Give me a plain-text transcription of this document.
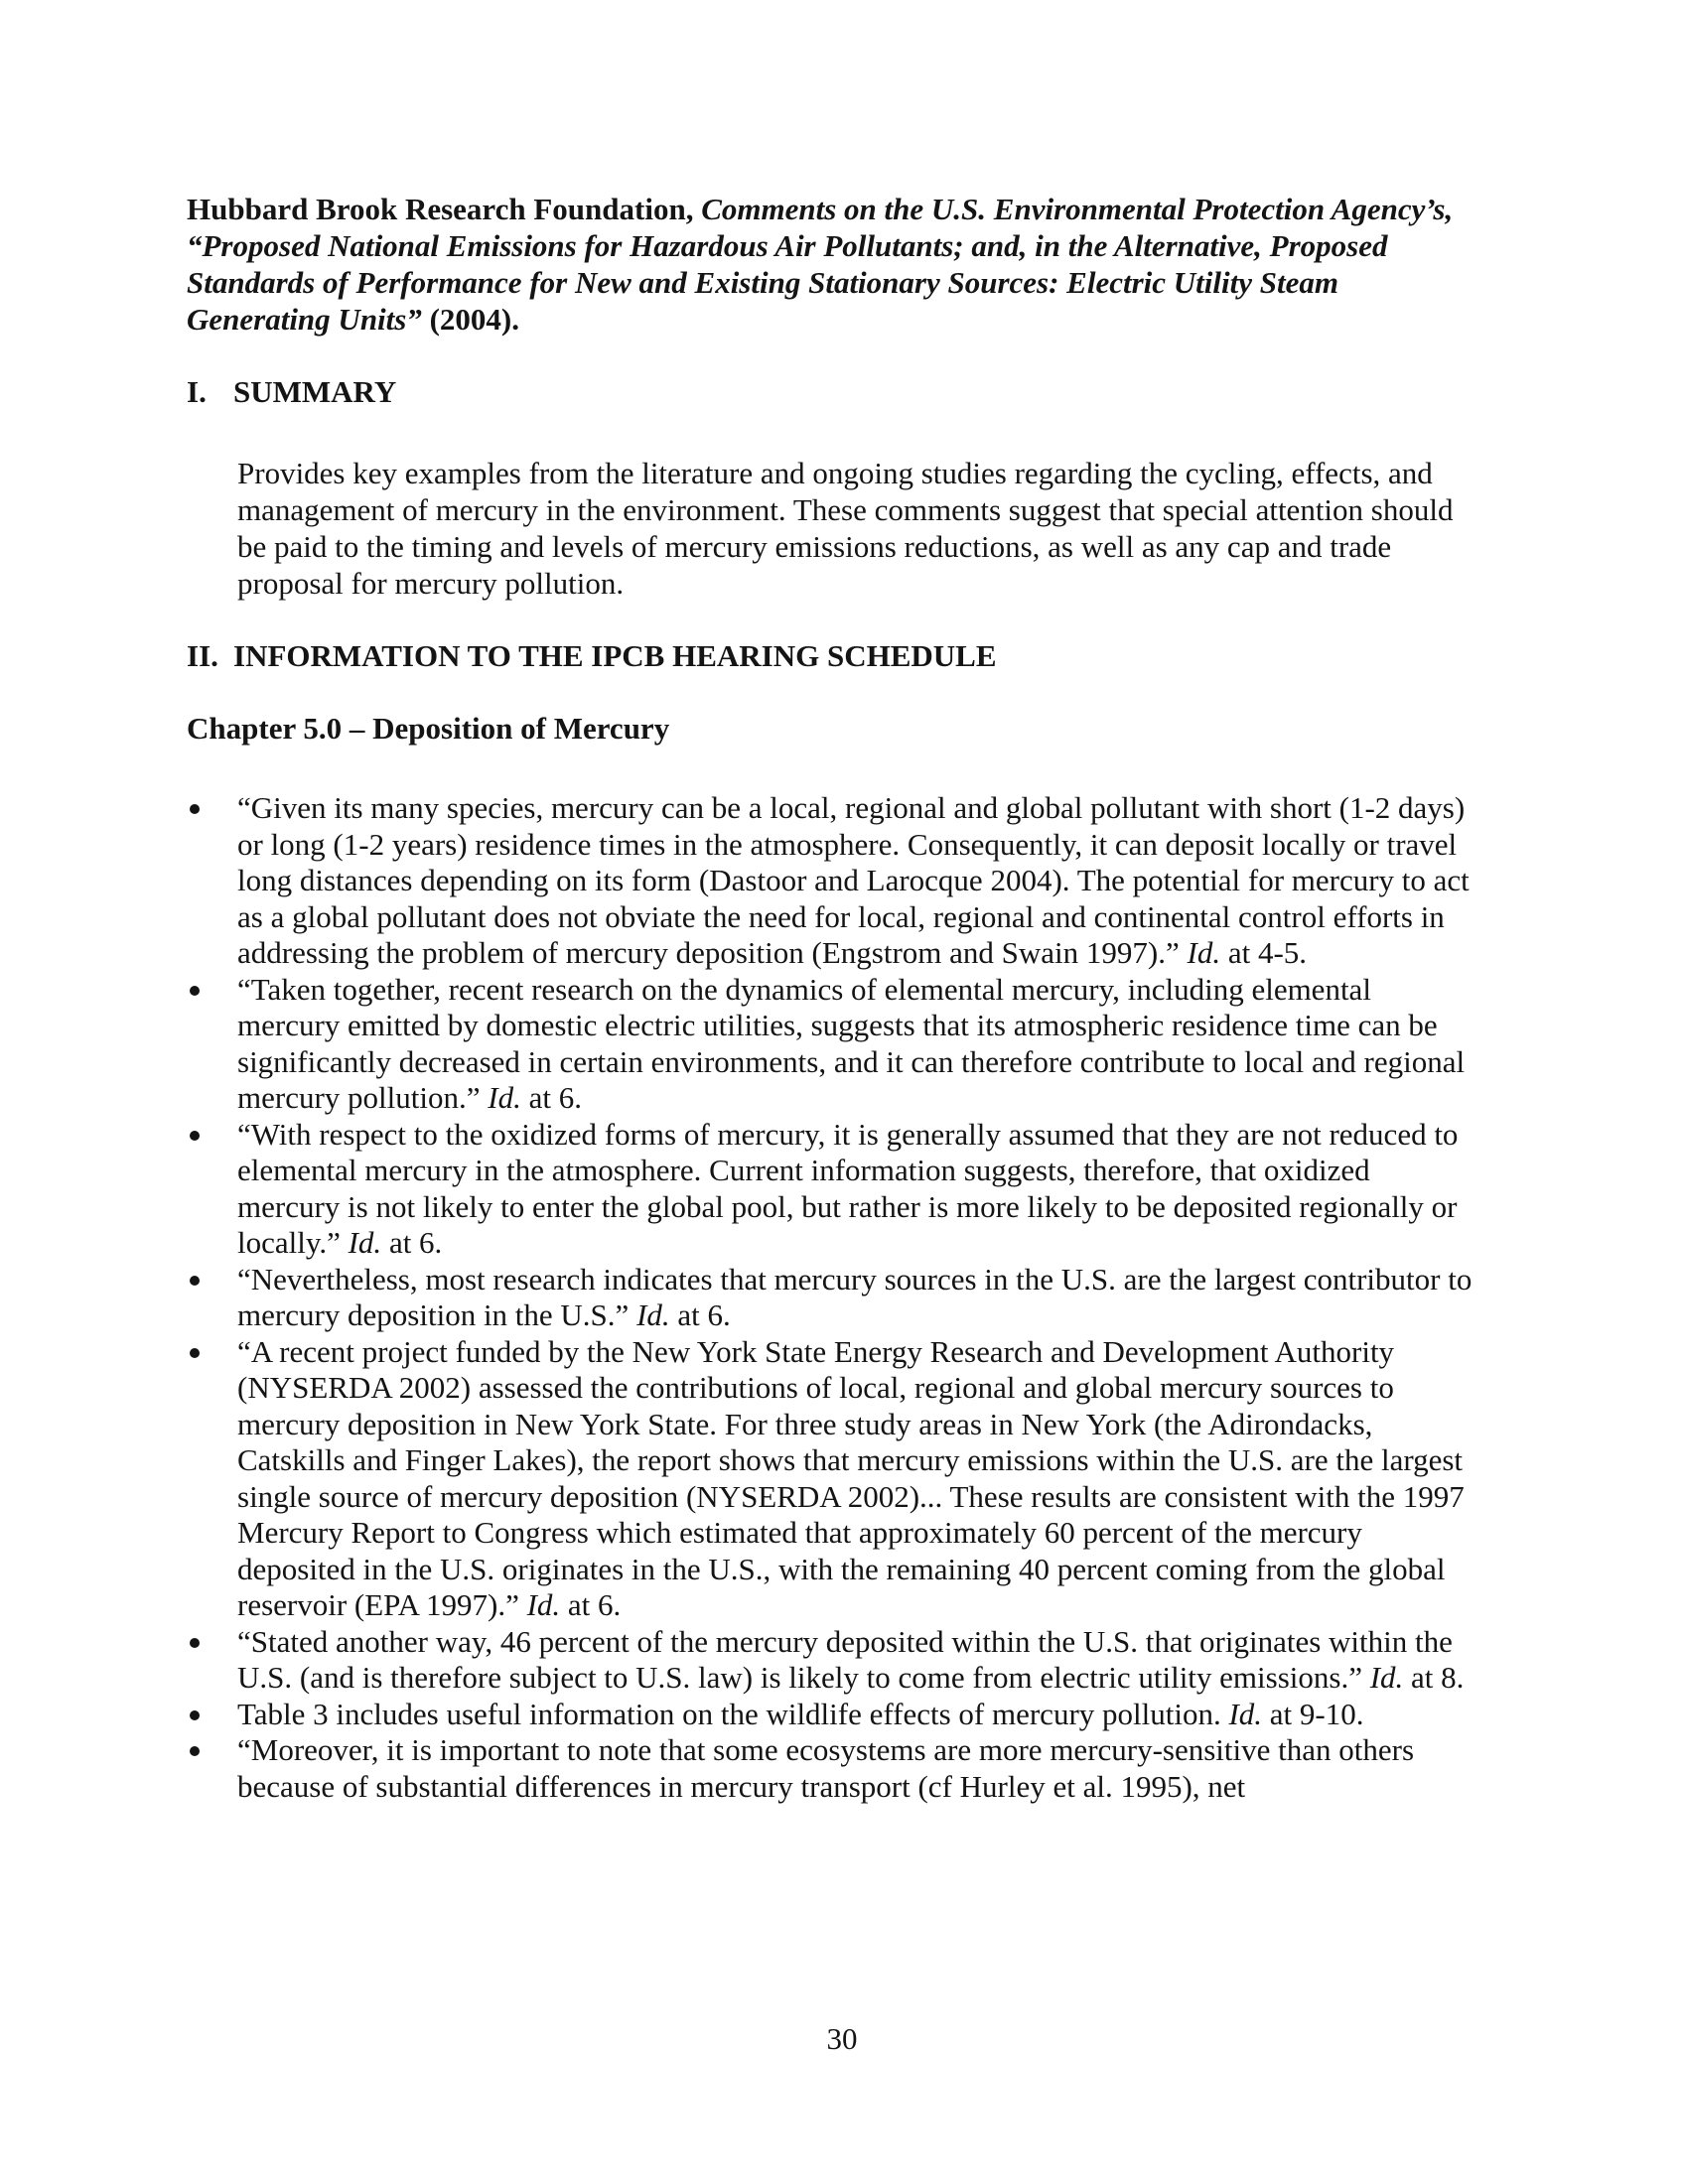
Hubbard Brook Research Foundation, Comments on the U.S. Environmental Protection Agency’s, “Proposed National Emissions for Hazardous Air Pollutants; and, in the Alternative, Proposed Standards of Performance for New and Existing Stationary Sources: Electric Utility Steam Generating Units” (2004).
I. SUMMARY
Provides key examples from the literature and ongoing studies regarding the cycling, effects, and management of mercury in the environment. These comments suggest that special attention should be paid to the timing and levels of mercury emissions reductions, as well as any cap and trade proposal for mercury pollution.
II. INFORMATION TO THE IPCB HEARING SCHEDULE
Chapter 5.0 – Deposition of Mercury
“Given its many species, mercury can be a local, regional and global pollutant with short (1-2 days) or long (1-2 years) residence times in the atmosphere. Consequently, it can deposit locally or travel long distances depending on its form (Dastoor and Larocque 2004). The potential for mercury to act as a global pollutant does not obviate the need for local, regional and continental control efforts in addressing the problem of mercury deposition (Engstrom and Swain 1997).” Id. at 4-5.
“Taken together, recent research on the dynamics of elemental mercury, including elemental mercury emitted by domestic electric utilities, suggests that its atmospheric residence time can be significantly decreased in certain environments, and it can therefore contribute to local and regional mercury pollution.” Id. at 6.
“With respect to the oxidized forms of mercury, it is generally assumed that they are not reduced to elemental mercury in the atmosphere. Current information suggests, therefore, that oxidized mercury is not likely to enter the global pool, but rather is more likely to be deposited regionally or locally.” Id. at 6.
“Nevertheless, most research indicates that mercury sources in the U.S. are the largest contributor to mercury deposition in the U.S.” Id. at 6.
“A recent project funded by the New York State Energy Research and Development Authority (NYSERDA 2002) assessed the contributions of local, regional and global mercury sources to mercury deposition in New York State. For three study areas in New York (the Adirondacks, Catskills and Finger Lakes), the report shows that mercury emissions within the U.S. are the largest single source of mercury deposition (NYSERDA 2002)... These results are consistent with the 1997 Mercury Report to Congress which estimated that approximately 60 percent of the mercury deposited in the U.S. originates in the U.S., with the remaining 40 percent coming from the global reservoir (EPA 1997).” Id. at 6.
“Stated another way, 46 percent of the mercury deposited within the U.S. that originates within the U.S. (and is therefore subject to U.S. law) is likely to come from electric utility emissions.” Id. at 8.
Table 3 includes useful information on the wildlife effects of mercury pollution. Id. at 9-10.
“Moreover, it is important to note that some ecosystems are more mercury-sensitive than others because of substantial differences in mercury transport (cf Hurley et al. 1995), net
30
